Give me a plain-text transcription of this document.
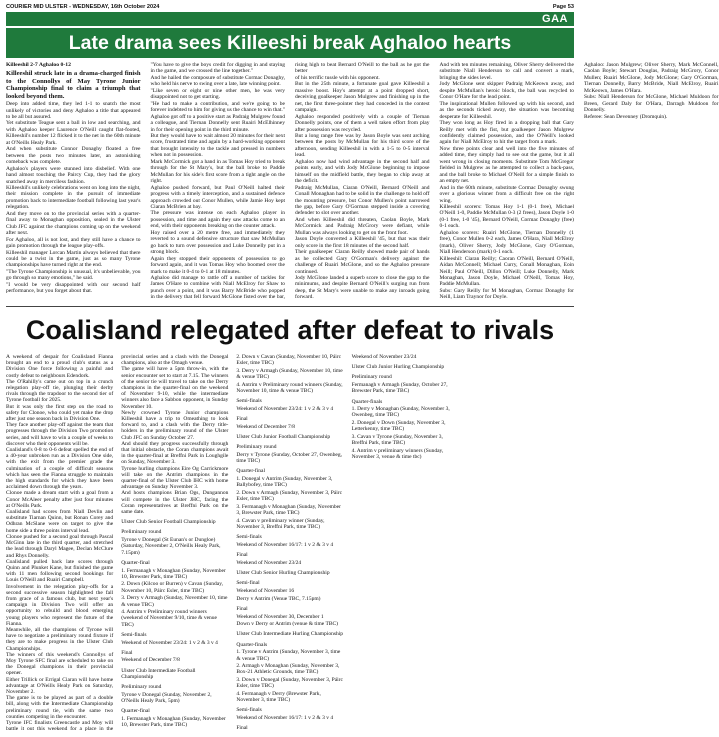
COURIER MID ULSTER - WEDNESDAY, 16th October 2024	Page 53
GAA
Late drama sees Killeeshi break Aghaloo hearts

Killeeshil 2-7 Aghaloo 0-12

Killeeshil struck late in a drama-charged finish to the Connollys of May Tyrone Junior Championship final to claim a triumph that looked beyond them.

Deep into added time, they led 1-1 to snatch the most unlikely of victories and deny Aghaloo a title that appeared to be all but assured.

Yet substitute Teague sent a ball in low and searching, and with Aghaloo keeper Laurence O'Neill caught flat-footed, Killeeshil's number 12 flicked it to the net in the 60th minute at O'Neills Healy Park.

And when substitute Connor Donaghy floated a free between the posts two minutes later, an astonishing comeback was complete.

Aghaloo's players were stunned into disbelief. With one hand almost touching the Paircy Cup, they had the glory snatched away in merciless fashion.

Killeeshil's unlikely celebrations went on long into the night, their mission complete in the pursuit of immediate promotion back to intermediate football following last year's relegation.

And they move on to the provincial series with a quarter-final away to Monaghan opposition, sealed in the Ulster Club JFC against the champions coming up on the weekend after next.

For Aghaloo, all is not lost, and they still have a chance to gain promotion through the league play-offs.

Killeeshil manager Lorcan Martin always believed that there could be a twist in the game, just as so many Tyrone championships have turned right at the end.

"The Tyrone Championship is unusual, it's unbelievable, you go through so many emotions," he said.

"I would be very disappointed with our second half performance, but you forget about that.

"You have to give the boys credit for digging in and staying in the game, and we crossed the line together."

And he hailed the composure of substitute Cormac Donaghy, who held his nerve to swing over a late, late winning point.

"Like seven or eight or nine other men, he was very disappointed not to get starting.

"He had to make a contribution, and we're going to be forever indebted to him for giving us the chance to win that."

Aghaloo got off to a positive start as Padraig Mulgrew found a colleague, and Tiernan Donnelly sent Ruairi McElhinney in for their opening point in the third minute.

But they would have to wait almost 20 minutes for their next score, frustrated time and again by a hard-working opponent that brought intensity to the tackle and pressed in numbers when not in possession.

Mark McCormick got a hand in as Tomas Hoy tried to break through for the St Mary's, but the ball broke to Paddie McMullan for his side's first score from a tight angle on the right.

Aghaloo pushed forward, but Paul O'Neill halted their progress with a timely interception, and a sustained defence approach crowded out Conor Mullen, while Jamie Hoy kept Ciaran McBrien at bay.

The pressure was intense on each Aghaloo player in possession, and time and again they saw attacks come to an end, with their opponents breaking on the counter attack.

Hoy raised over a 20 metre free, and immediately they reverted to a sound defensive structure that saw McMullan go back to turn over possession and Luke Donnelly put in a strong block.

Again they stopped their opponents of possession to go forward again, and it was Tomas Hoy who boomed over the mark to make it 0-4 to 0-1 at 18 minutes.

Aghaloo did manage to rattle off a number of tackles for James O'Hare to combine with Niall McElroy for Shaw to punch over a point, and it was Barry McBride who popped in the delivery that fell forward McGlone fisted over the bar, rising high to beat Bernard O'Neill to the ball as he got the better

of his terrific tussle with his opponent.

But in the 25th minute, a fortunate goal gave Killeeshil a massive boost. Hoy's attempt at a point dropped short, deceiving goalkeeper Jason Mulgrew and finishing up in the net, the first three-pointer they had conceded in the contest campaign.

Aghaloo responded positively with a couple of Tiernan Donnelly points, one of them a well taken effort from play after possession was recycled.

But a long range free was by Jason Boyle was sent arching between the posts by McMullan for his third score of the afternoon, sending Killeeshil in with a 1-5 to 0-5 interval lead.

Aghaloo now had wind advantage in the second half and points early, and with Jody McGlone beginning to impose himself on the midfield battle, they began to chip away at the deficit.

Padraig McMullan, Ciaran O'Neill, Bernard O'Neill and Conall Monaghan had to be solid in the challenge to hold off the mounting pressure, but Conor Mullen's point narrowed the gap, before Gary O'Gorman stepped inside a covering defender to slot over another.

And when Killeeshil did threaten, Caolan Boyle, Mark McCormick and Padraig McGrory were defiant, while Mullan was always looking to get on the front foot.

Jason Doyle converted a Killeeshil '45, but that was their only score in the first 18 minutes of the second half.

Their goalkeeper Ciaran Reilly showed made pair of hands as he collected Gary O'Gorman's delivery against the challenge of Ruairi McGlone, and so the Aghaloo pressure continued.

Jody McGlone landed a superb score to close the gap to the minimums, and despite Bernard O'Neill's surging run from deep, the St Mary's were unable to make any inroads going forward.

And with ten minutes remaining, Oliver Sherry delivered the substitute Niall Henderson to call and convert a mark, bringing the sides level.

Jody McGlone sent skipper Padraig McKeown away, and despite McMullan's heroic block, the ball was recycled to Conor O'Hare for the lead point.

The inspirational Mullen followed up with his second, and as the seconds ticked away, the situation was becoming desperate for Killeeshil.

They won long as Hoy fired in a dropping ball that Gary Reilly met with the fist, but goalkeeper Jason Mulgrew confidently claimed possession, and the O'Neill's looked again for Niall McElroy to hit the target from a mark.

Now three points clear and well into the five minutes of added time, they simply had to see out the game, but it all went wrong in closing moments. Substitute Tom McGregor fielded in Mulgrew as he attempted to collect a back-pass, and the ball broke to Michael O'Neill for a simple finish to an empty net.

And in the 60th minute, substitute Cormac Donaghy swung over a glorious winner from a difficult free on the right wing.

Killeeshil scorers: Tomas Hoy 1-1 (0-1 free), Michael O'Neill 1-0, Paddie McMullan 0-3 (2 frees), Jason Doyle 1-0 (0-1 free, 1-0 '45), Bernard O'Neill, Cormac Donaghy (free) 0-1 each.

Aghaloo scorers: Ruairi McGlone, Tiernan Donnelly (1 free), Conor Mullen 0-2 each, James O'Hara, Niall McElroy (mark), Oliver Sherry, Jody McGlone, Gary O'Gorman, Niall Henderson (mark) 0-1 each.

Killeeshil: Ciaran Reilly; Caoran O'Neill, Bernard O'Neill, Aidan McConnell; Michael Curry, Conall Monaghan, Eoin Neill; Paul O'Neill, Dillon O'Neill; Luke Donnelly, Mark Monaghan, Jason Doyle, Michael O'Neill, Tomas Hoy, Paddie McMullan.

Subs: Gary Reilly for M Monaghan, Cormac Donaghy for Neill, Liam Traynor for Doyle.

Aghaloo: Jason Mulgrew; Oliver Sherry, Mark McConnell, Caolan Boyle; Stewart Douglas, Padraig McGrory, Conor Mullen; Ruairi McGlone, Jody McGlone; Gary O'Gorman, Tiernan Donnelly, Barry McBride, Niall McElroy, Ruairi McKeown, James O'Hara.

Subs: Niall Henderson for McGlone, Michael Muldoon for Breen, Gerard Daly for O'Hara, Darragh Muldoon for Donnelly.

Referee: Sean Devenney (Dromquin).

Coalisland relegated after defeat to rivals

A weekend of despair for Coalisland Fianna brought an end to a proud club's status as a Division One force following a painful and costly defeat to neighbours Edendork.

The O'Rahilly's came out on top in a crunch relegation play-off tie, plunging their derby rivals through the trapdoor to the second tier of Tyrone football for 2025.

But it was only the first step on the road to safety for Clonoe, who could yet make the drop after just one season back in Division One.

They face another play-off against the team that progresses through the Division Two promotion series, and will have to win a couple of weeks to discover who their opponents will be.

Coalisland's 0-8 to 0-6 defeat spelled the end of a 40-year unbroken run as a Division One side, with the exit from the premier grade the culmination of a couple of difficult seasons which has seen the Fianna struggle to maintain the high standards for which they have been acclaimed down through the years.

Clonoe made a dream start with a goal from a Conor McAleer penalty after just four minutes at O'Neills Park.

Coalisland had scores from Niall Devlin and substitute Tiarnan Quinn, but Ronan Corey and Odhran McSlane were on target to give the home side a three points interval lead.

Clonoe pushed for a second goal through Pascal McGinn late in the third quarter, and stretched the lead through Daryl Magee, Declan McClure and Rhys Donnelly.

Coalisland pulled back late scores through Quinn and Plunket Kane, but finished the game with 11 men following second bookings for Louis O'Neill and Ruairi Campbell.

Involvement in the relegation play-offs for a second successive season highlighted the fall from grace of a famous club, but next year's campaign in Division Two will offer an opportunity to rebuild and blood emerging young players who represent the future of the Fianna.

Meanwhile, all the champions of Tyrone will have to negotiate a preliminary round fixture if they are to make progress in the Ulster Club Championships.

The winners of this weekend's Connollys of Moy Tyrone SFC final are scheduled to take on the Donegal champions in their provincial opener.

Either Trillick or Errigal Ciaran will have home advantage at O'Neills Healy Park on Saturday, November 2.

The game is to be played as part of a double bill, along with the Intermediate Championship preliminary round tie, with the same two counties competing in the encounter.

Tyrone IFC finalists Greencastle and Moy will battle it out this weekend for a place in the provincial series and a clash with the Donegal champions, also at the Omagh venue.

The game will have a 5pm throw-in, with the senior encounter set to start at 7.15. The winners of the senior tie will travel to take on the Derry champions in the quarter-final on the weekend of November 9-10, while the intermediate winners also face a Sabbon opponent, in Sunday November 10.

Newly crowned Tyrone Junior champions Killeeshil have a trip to Omeathing to look forward to, and a clash with the Derry title-holders in the preliminary round of the Ulster Club JFC on Sunday October 27.

And should they progress successfully through that initial obstacle, the Coran champions await in the quarter-final at Breffni Park in Loughgile on Sunday, November 3.

Tyrone hurling champions Eire Og Carrickmore will take on the Antrim champions in the quarter-final of the Ulster Club IHC with home advantage on Sunday November 3.

And hosts champions Brian Ogs, Dungannon will compete in the Ulster JHC, facing the Coran representatives at Breffni Park on the same date.

Ulster Club Senior Football Championship

Preliminary round

Tyrone v Donegal (St Eunan's or Dungloe) (Saturday, November 2, O'Neills Healy Park, 7.15pm)

Quarter-final

1. Fermanagh v Monaghan (Sunday, November 10, Brewster Park, time TBC)

2. Down (Kilcoo or Burren) v Cavan (Sunday, November 10, Páirc Esler, time TBC)

3. Derry v Armagh (Sunday, November 10, time & venue TBC)

4. Antrim v Preliminary round winners (weekend of November 9/10, time & venue TBC)

Semi-finals

Weekend of November 23/24: 1 v 2 & 3 v 4

Final

Weekend of December 7/8

Ulster Club Intermediate Football Championship

Preliminary round

Tyrone v Donegal (Sunday, November 2, O'Neills Healy Park, 5pm)

Quarter-final

1. Fermanagh v Monaghan (Sunday, November 10, Brewster Park, time TBC)

2. Down v Cavan (Sunday, November 10, Páirc Esler, time TBC)

3. Derry v Armagh (Sunday, November 10, time & venue TBC)

4. Antrim v Preliminary round winners (Sunday, November 10, time & venue TBC)

Semi-finals

Weekend of November 23/24: 1 v 2 & 3 v 4

Final

Weekend of December 7/8

Ulster Club Junior Football Championship

Preliminary round

Derry v Tyrone (Sunday, October 27, Owenbeg, time TBC)

Quarter-final

1. Donegal v Antrim (Sunday, November 3, Ballybofey, time TBC)

2. Down v Armagh (Sunday, November 3, Páirc Esler, time TBC)

3. Fermanagh v Monaghan (Sunday, November 3, Brewster Park, time TBC)

4. Cavan v preliminary winner (Sunday, November 3, Breffni Park, time TBC)

Semi-finals

Weekend of November 16/17: 1 v 2 & 3 v 4

Final

Weekend of November 23/24

Ulster Club Senior Hurling Championship

Semi-final

Weekend of November 16

Derry v Antrim (Venue TBC, 7.15pm)

Final

Weekend of November 30, December 1

Down v Derry or Antrim (venue & time TBC)

Ulster Club Intermediate Hurling Championship

Quarter-finals

1. Tyrone v Antrim (Sunday, November 3, time & venue TBC)

2. Armagh v Monaghan (Sunday, November 3, Box-21 Athletic Grounds, time TBC)

3. Down v Donegal (Sunday, November 3, Páirc Esler, time TBC)

4. Fermanagh v Derry (Brewster Park, November 3, time TBC)

Semi-finals

Weekend of November 16/17: 1 v 2 & 3 v 4

Final

Weekend of November 23/24

Ulster Club Junior Hurling Championship

Preliminary round

Fermanagh v Armagh (Sunday, October 27, Brewster Park, time TBC)

Quarter-finals

1. Derry v Monaghan (Sunday, November 3, Owenbeg, time TBC)

2. Donegal v Down (Sunday, November 3, Letterkenny, time TBC)

3. Cavan v Tyrone (Sunday, November 3, Breffni Park, time TBC)

4. Antrim v preliminary winners (Sunday, November 3, venue & time tbc)
